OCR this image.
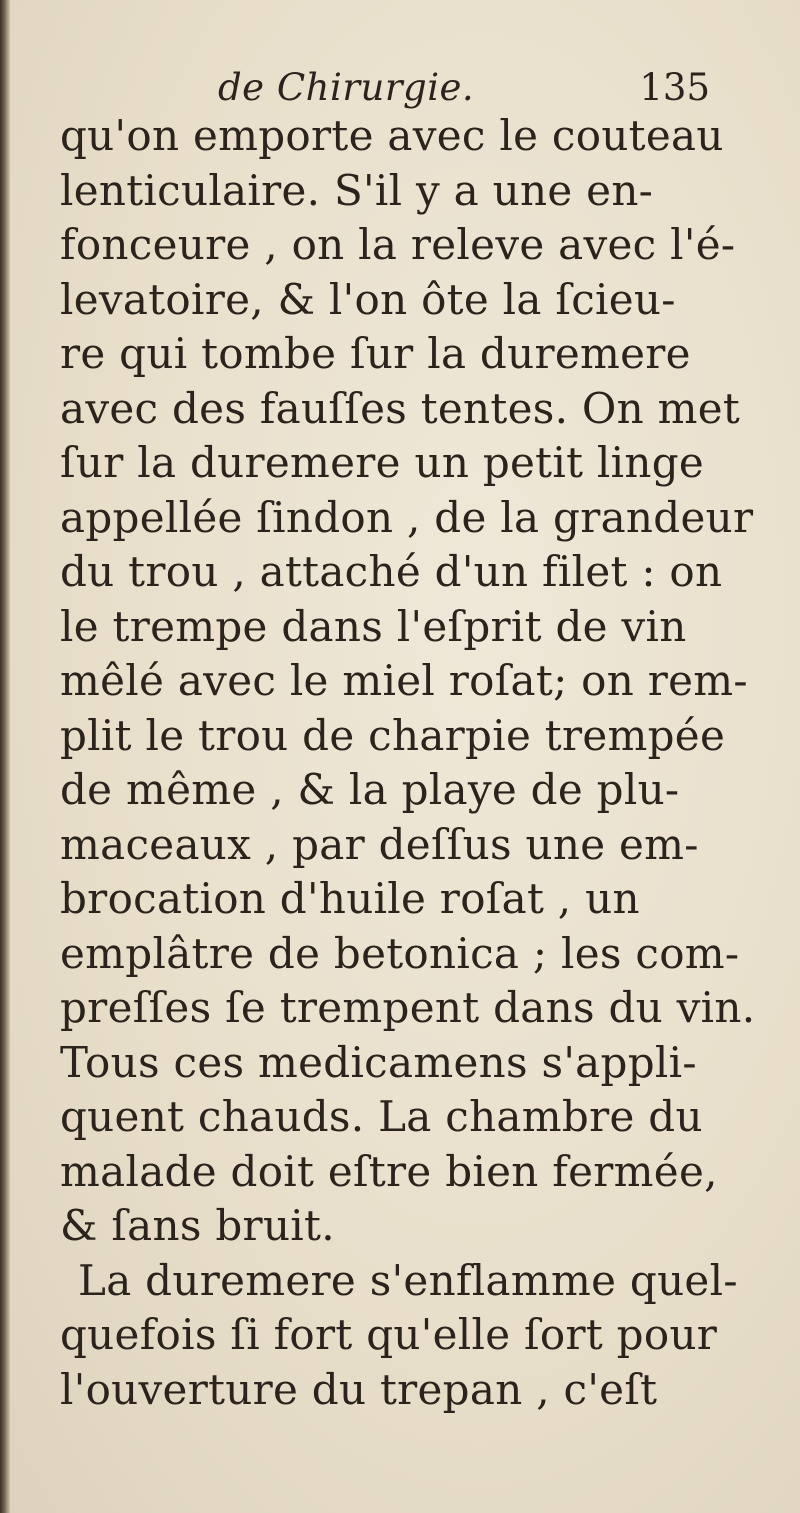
de Chirurgie.	135
qu'on emporte avec le couteau
lenticulaire. S'il y a une en-
fonceure , on la releve avec l'é-
levatoire, & l'on ôte la ſcieu-
re qui tombe ſur la duremere
avec des fauſſes tentes. On met
ſur la duremere un petit linge
appellée ſindon , de la grandeur
du trou , attaché d'un filet : on
le trempe dans l'eſprit de vin
mêlé avec le miel roſat; on rem-
plit le trou de charpie trempée
de même , & la playe de plu-
maceaux , par deſſus une em-
brocation d'huile roſat , un
emplâtre de betonica ; les com-
preſſes ſe trempent dans du vin.
Tous ces medicamens s'appli-
quent chauds. La chambre du
malade doit eſtre bien fermée,
& ſans bruit.
La duremere s'enflamme quel-
quefois ſi fort qu'elle ſort pour
l'ouverture du trepan , c'eſt
